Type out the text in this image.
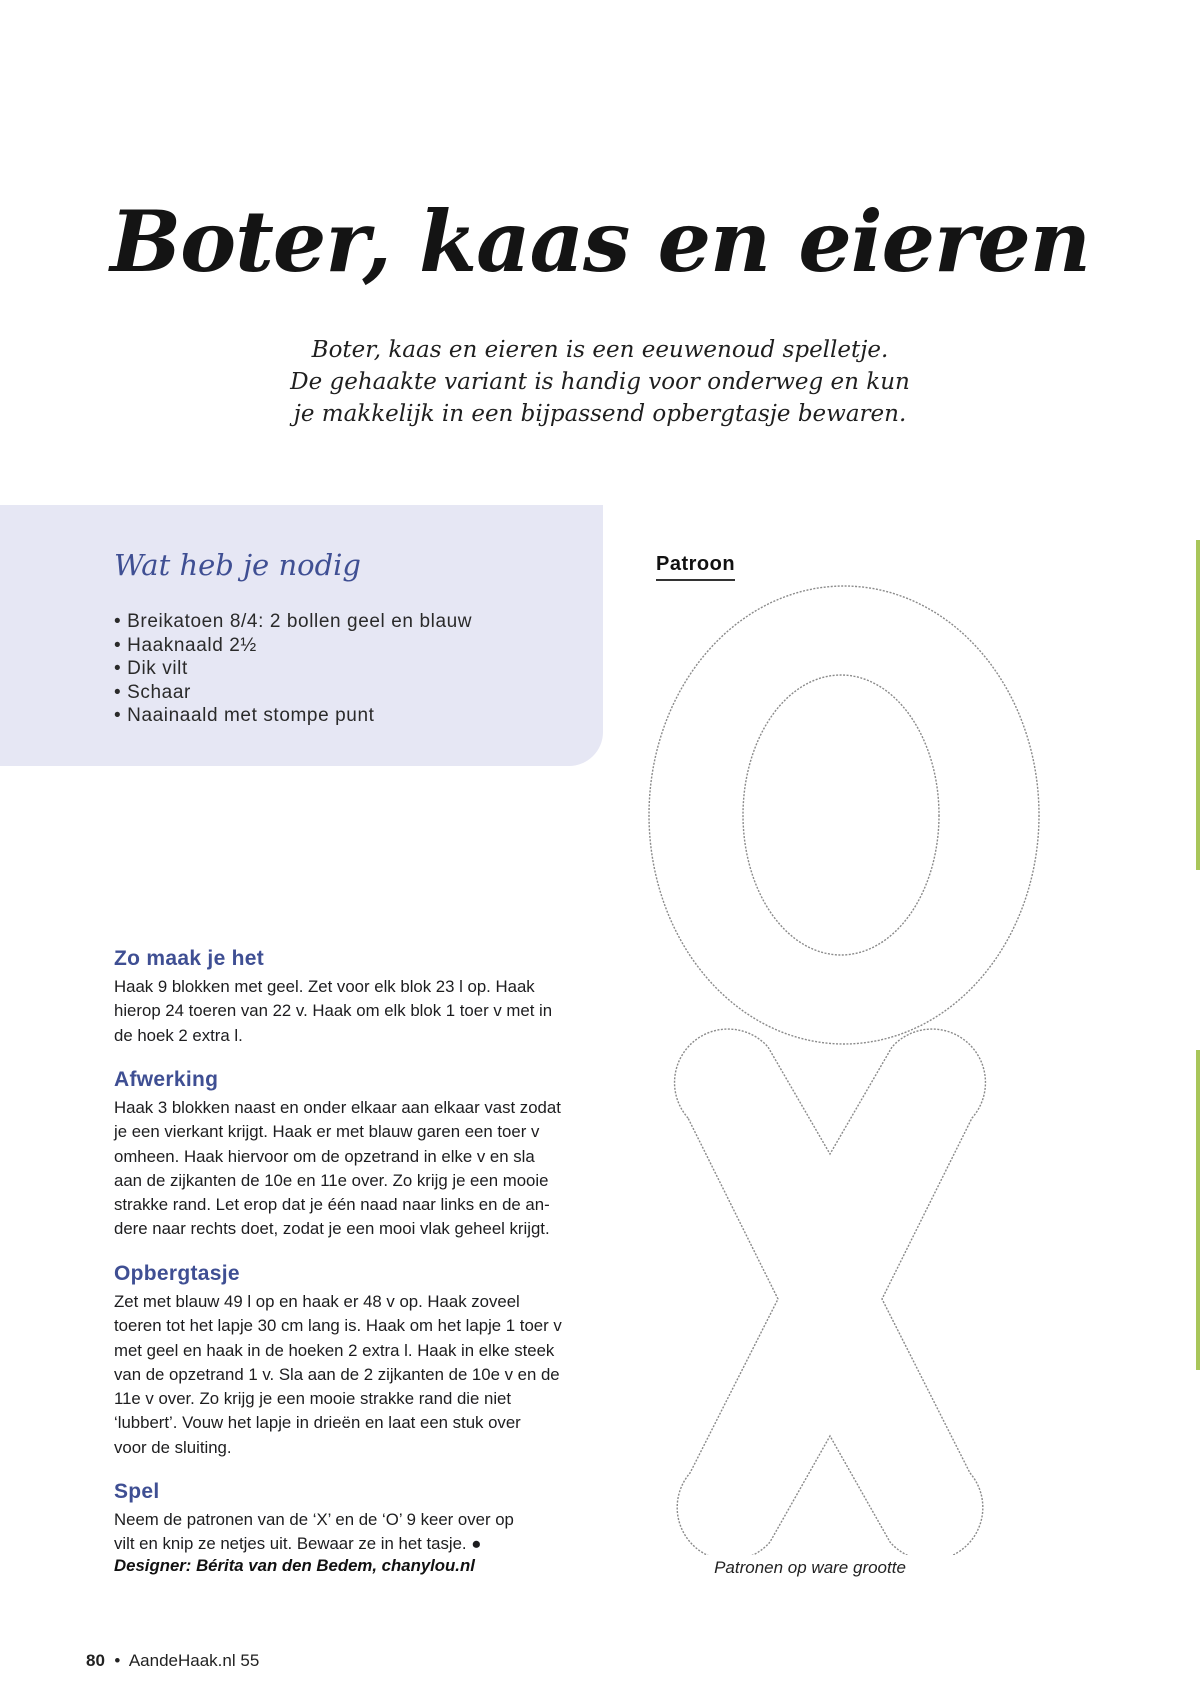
Boter, kaas en eieren
Boter, kaas en eieren is een eeuwenoud spelletje.
De gehaakte variant is handig voor onderweg en kun
je makkelijk in een bijpassend opbergtasje bewaren.
Wat heb je nodig
• Breikatoen 8/4: 2 bollen geel en blauw
• Haaknaald 2½
• Dik vilt
• Schaar
• Naainaald met stompe punt
Patroon
Patronen op ware grootte
Zo maak je het
Haak 9 blokken met geel. Zet voor elk blok 23 l op. Haak
hierop 24 toeren van 22 v. Haak om elk blok 1 toer v met in
de hoek 2 extra l.
Afwerking
Haak 3 blokken naast en onder elkaar aan elkaar vast zodat
je een vierkant krijgt. Haak er met blauw garen een toer v
omheen. Haak hiervoor om de opzetrand in elke v en sla
aan de zijkanten de 10e en 11e over. Zo krijg je een mooie
strakke rand. Let erop dat je één naad naar links en de an-
dere naar rechts doet, zodat je een mooi vlak geheel krijgt.
Opbergtasje
Zet met blauw 49 l op en haak er 48 v op. Haak zoveel
toeren tot het lapje 30 cm lang is. Haak om het lapje 1 toer v
met geel en haak in de hoeken 2 extra l. Haak in elke steek
van de opzetrand 1 v. Sla aan de 2 zijkanten de 10e v en de
11e v over. Zo krijg je een mooie strakke rand die niet
‘lubbert’. Vouw het lapje in drieën en laat een stuk over
voor de sluiting.
Spel
Neem de patronen van de ‘X’ en de ‘O’ 9 keer over op
vilt en knip ze netjes uit. Bewaar ze in het tasje. ●
Designer: Bérita van den Bedem, chanylou.nl
80 • AandeHaak.nl 55
